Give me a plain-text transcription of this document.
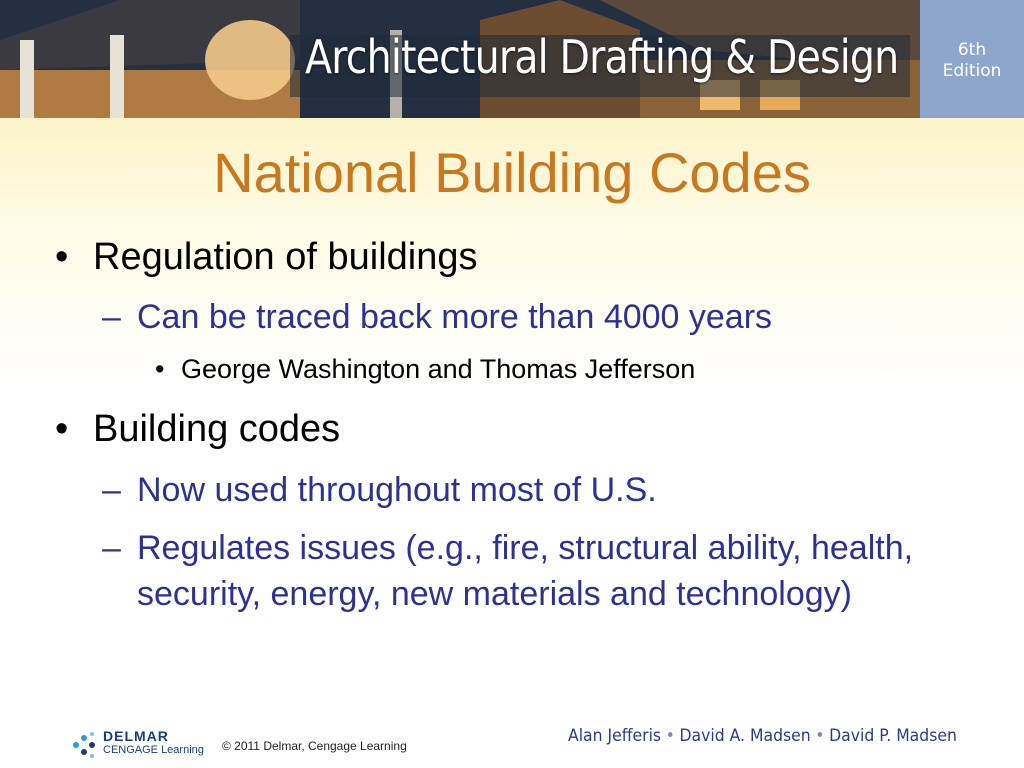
Architectural Drafting & Design	6th
Edition
National Building Codes
• Regulation of buildings
– Can be traced back more than 4000 years
• George Washington and Thomas Jefferson
• Building codes
– Now used throughout most of U.S.
– Regulates issues (e.g., fire, structural ability, health, security, energy, new materials and technology)
DELMAR
CENGAGE Learning © 2011 Delmar, Cengage Learning	Alan Jefferis • David A. Madsen • David P. Madsen
